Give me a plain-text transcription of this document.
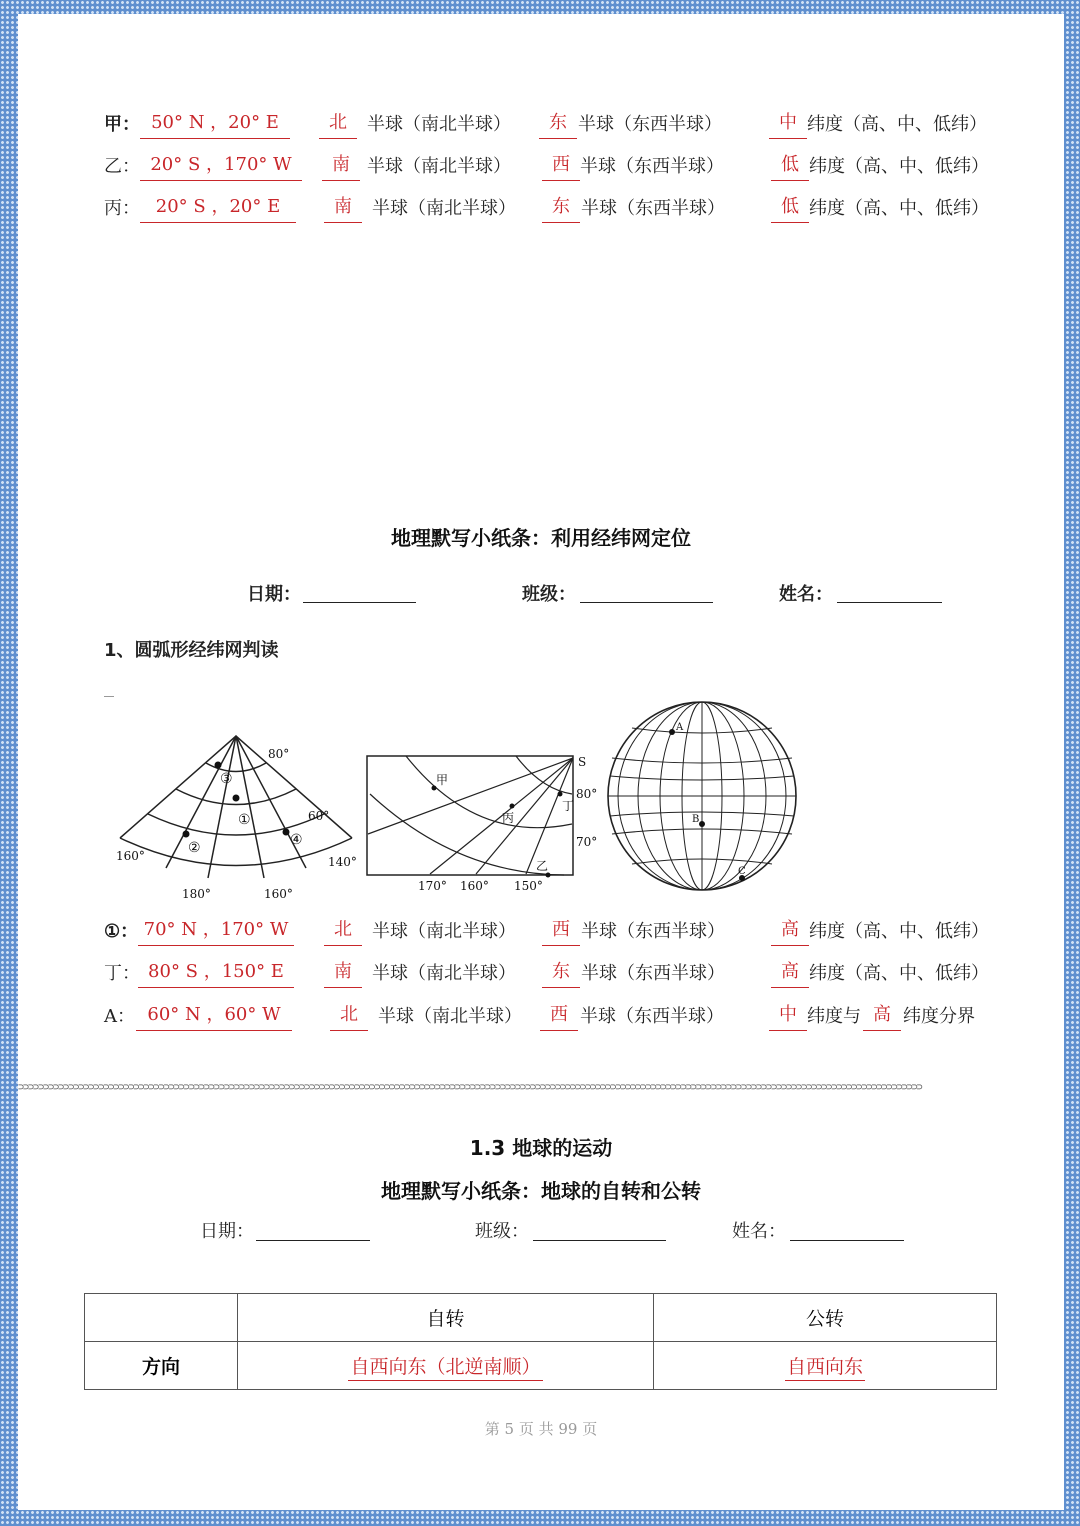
甲： 50° N ，20° E	北	半球（南北半球）	东 半球（东西半球）	中 纬度（高、中、低纬）
乙： 20° S ，170° W	南 半球（南北半球）	西 半球（东西半球）	低 纬度（高、中、低纬）
丙： 20° S ，20° E	南	半球（南北半球）	东 半球（东西半球）	低 纬度（高、中、低纬）
地理默写小纸条：利用经纬网定位
日期：	班级：	姓名：
1、圆弧形经纬网判读
③
①
②	④
80°
60°
160°	140°
180°	160°
S
甲
丙
丁
乙
80°
70°
170° 160° 150°
A
B
C
①： 70° N ，170° W	北	半球（南北半球）	西 半球（东西半球）	高 纬度（高、中、低纬）
丁： 80° S ，150° E	南	半球（南北半球）	东 半球（东西半球）	高 纬度（高、中、低纬）
A： 60° N ，60° W	北	半球（南北半球）	西 半球（东西半球）	中 纬度与 高 纬度分界
⊃⊃⊃⊃⊃⊃⊃⊃⊃⊃⊃⊃⊃⊃⊃⊃⊃⊃⊃⊃⊃⊃⊃⊃⊃⊃⊃⊃⊃⊃⊃⊃⊃⊃⊃⊃⊃⊃⊃⊃⊃⊃⊃⊃⊃⊃⊃⊃⊃⊃⊃⊃⊃⊃⊃⊃⊃⊃⊃⊃⊃⊃⊃⊃⊃⊃⊃⊃⊃⊃⊃⊃⊃⊃⊃⊃⊃⊃⊃⊃⊃⊃⊃⊃⊃⊃⊃⊃⊃⊃⊃⊃⊃⊃⊃⊃⊃⊃⊃⊃⊃⊃⊃⊃⊃⊃⊃⊃⊃⊃⊃⊃⊃⊃⊃⊃⊃⊃⊃⊃⊃⊃⊃⊃⊃⊃⊃⊃⊃⊃⊃⊃⊃⊃⊃⊃⊃⊃⊃⊃⊃⊃⊃⊃⊃⊃⊃⊃⊃⊃⊃⊃⊃⊃⊃⊃⊃⊃⊃⊃⊃⊃⊃⊃⊃⊃⊃⊃⊃⊃⊃⊃⊃⊃⊃⊃⊃⊃⊃⊃
1.3 地球的运动
地理默写小纸条：地球的自转和公转
日期：	班级：	姓名：
	自转	公转
方向	自西向东（北逆南顺）	自西向东
第 5 页 共 99 页
